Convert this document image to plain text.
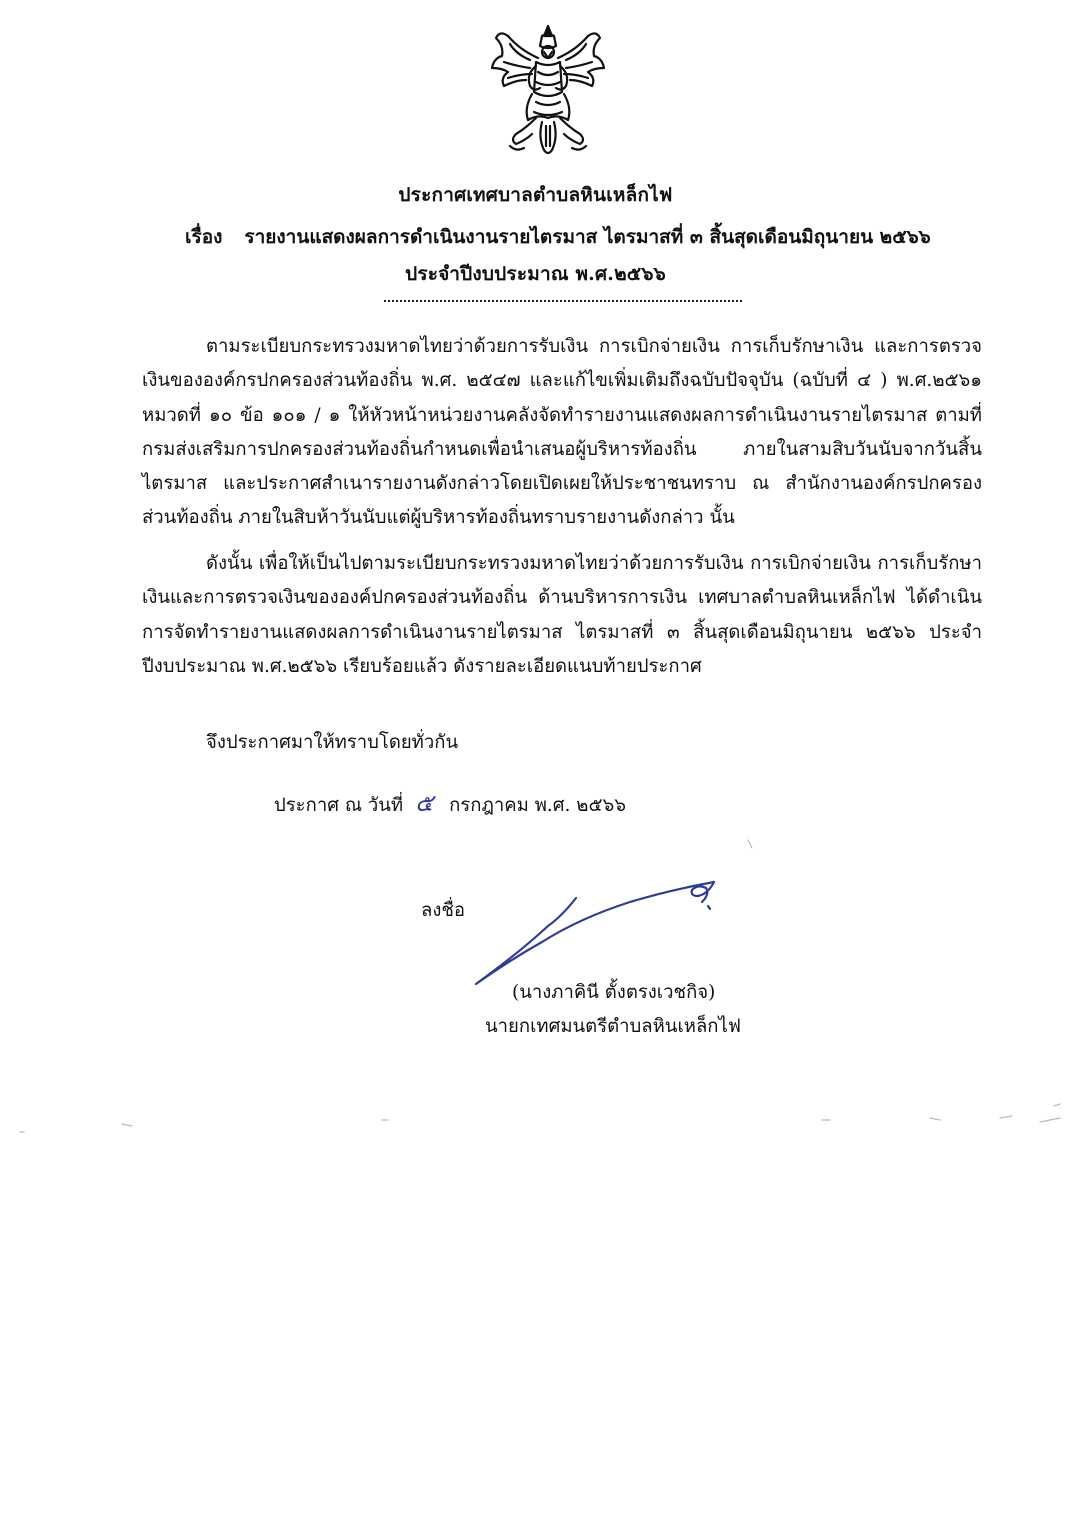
ประกาศเทศบาลตำบลหินเหล็กไฟ
เรื่อง รายงานแสดงผลการดำเนินงานรายไตรมาส ไตรมาสที่ ๓ สิ้นสุดเดือนมิถุนายน ๒๕๖๖
ประจำปีงบประมาณ พ.ศ.๒๕๖๖
ตามระเบียบกระทรวงมหาดไทยว่าด้วยการรับเงิน การเบิกจ่ายเงิน การเก็บรักษาเงิน และการตรวจเงินขององค์กรปกครองส่วนท้องถิ่น พ.ศ. ๒๕๔๗ และแก้ไขเพิ่มเติมถึงฉบับปัจจุบัน (ฉบับที่ ๔ ) พ.ศ.๒๕๖๑ หมวดที่ ๑๐ ข้อ ๑๐๑ / ๑ ให้หัวหน้าหน่วยงานคลังจัดทำรายงานแสดงผลการดำเนินงานรายไตรมาส ตามที่กรมส่งเสริมการปกครองส่วนท้องถิ่นกำหนดเพื่อนำเสนอผู้บริหารท้องถิ่น ภายในสามสิบวันนับจากวันสิ้นไตรมาส และประกาศสำเนารายงานดังกล่าวโดยเปิดเผยให้ประชาชนทราบ ณ สำนักงานองค์กรปกครองส่วนท้องถิ่น ภายในสิบห้าวันนับแต่ผู้บริหารท้องถิ่นทราบรายงานดังกล่าว นั้น
ดังนั้น เพื่อให้เป็นไปตามระเบียบกระทรวงมหาดไทยว่าด้วยการรับเงิน การเบิกจ่ายเงิน การเก็บรักษาเงินและการตรวจเงินขององค์ปกครองส่วนท้องถิ่น ด้านบริหารการเงิน เทศบาลตำบลหินเหล็กไฟ ได้ดำเนินการจัดทำรายงานแสดงผลการดำเนินงานรายไตรมาส ไตรมาสที่ ๓ สิ้นสุดเดือนมิถุนายน ๒๕๖๖ ประจำปีงบประมาณ พ.ศ.๒๕๖๖ เรียบร้อยแล้ว ดังรายละเอียดแนบท้ายประกาศ
จึงประกาศมาให้ทราบโดยทั่วกัน
ประกาศ ณ วันที่ ๕ กรกฎาคม พ.ศ. ๒๕๖๖
ลงชื่อ
(นางภาคินี ตั้งตรงเวชกิจ)
นายกเทศมนตรีตำบลหินเหล็กไฟ
